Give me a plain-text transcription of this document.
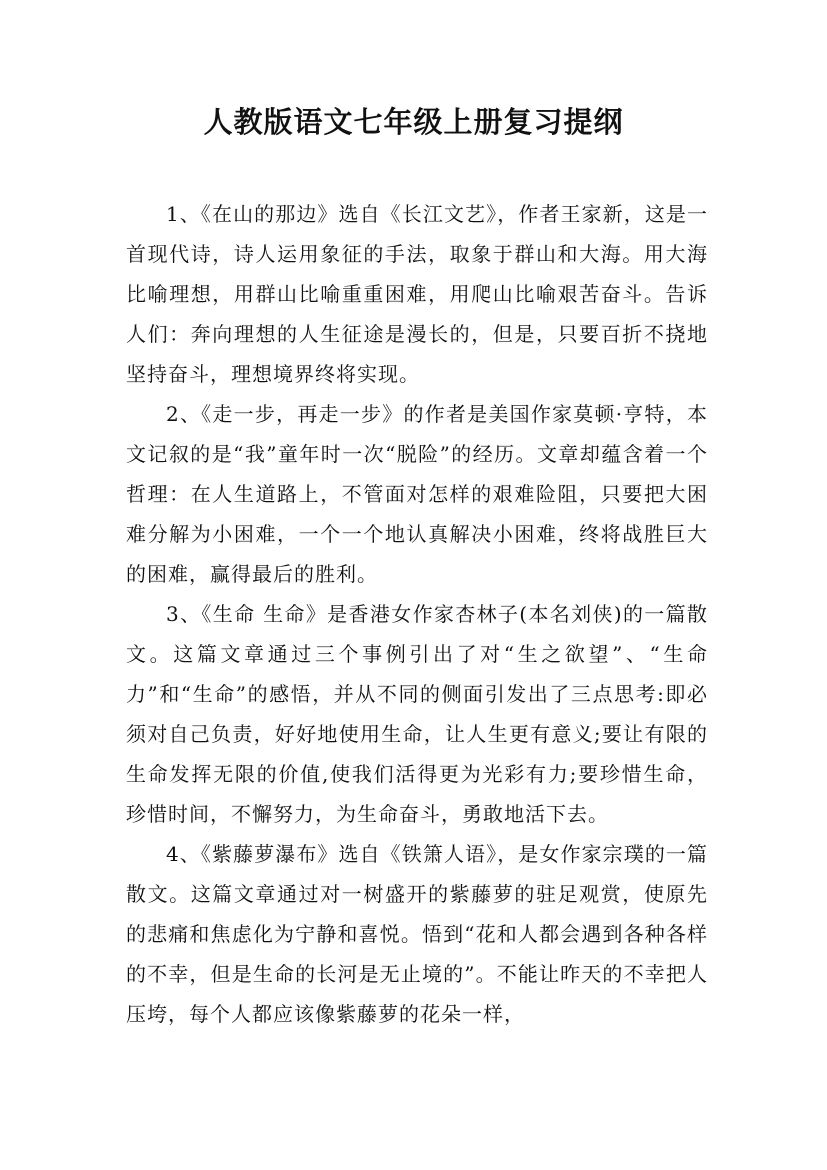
人教版语文七年级上册复习提纲

1、《在山的那边》选自《长江文艺》，作者王家新，这是一首现代诗，诗人运用象征的手法，取象于群山和大海。用大海比喻理想，用群山比喻重重困难，用爬山比喻艰苦奋斗。告诉人们：奔向理想的人生征途是漫长的，但是，只要百折不挠地坚持奋斗，理想境界终将实现。

2、《走一步，再走一步》的作者是美国作家莫顿·亨特，本文记叙的是“我”童年时一次“脱险”的经历。文章却蕴含着一个哲理：在人生道路上，不管面对怎样的艰难险阻，只要把大困难分解为小困难，一个一个地认真解决小困难，终将战胜巨大的困难，赢得最后的胜利。

3、《生命 生命》是香港女作家杏林子(本名刘侠)的一篇散文。这篇文章通过三个事例引出了对“生之欲望”、“生命力”和“生命”的感悟，并从不同的侧面引发出了三点思考:即必须对自己负责，好好地使用生命，让人生更有意义;要让有限的生命发挥无限的价值,使我们活得更为光彩有力;要珍惜生命，珍惜时间，不懈努力，为生命奋斗，勇敢地活下去。

4、《紫藤萝瀑布》选自《铁箫人语》，是女作家宗璞的一篇散文。这篇文章通过对一树盛开的紫藤萝的驻足观赏，使原先的悲痛和焦虑化为宁静和喜悦。悟到“花和人都会遇到各种各样的不幸，但是生命的长河是无止境的”。不能让昨天的不幸把人压垮，每个人都应该像紫藤萝的花朵一样，
